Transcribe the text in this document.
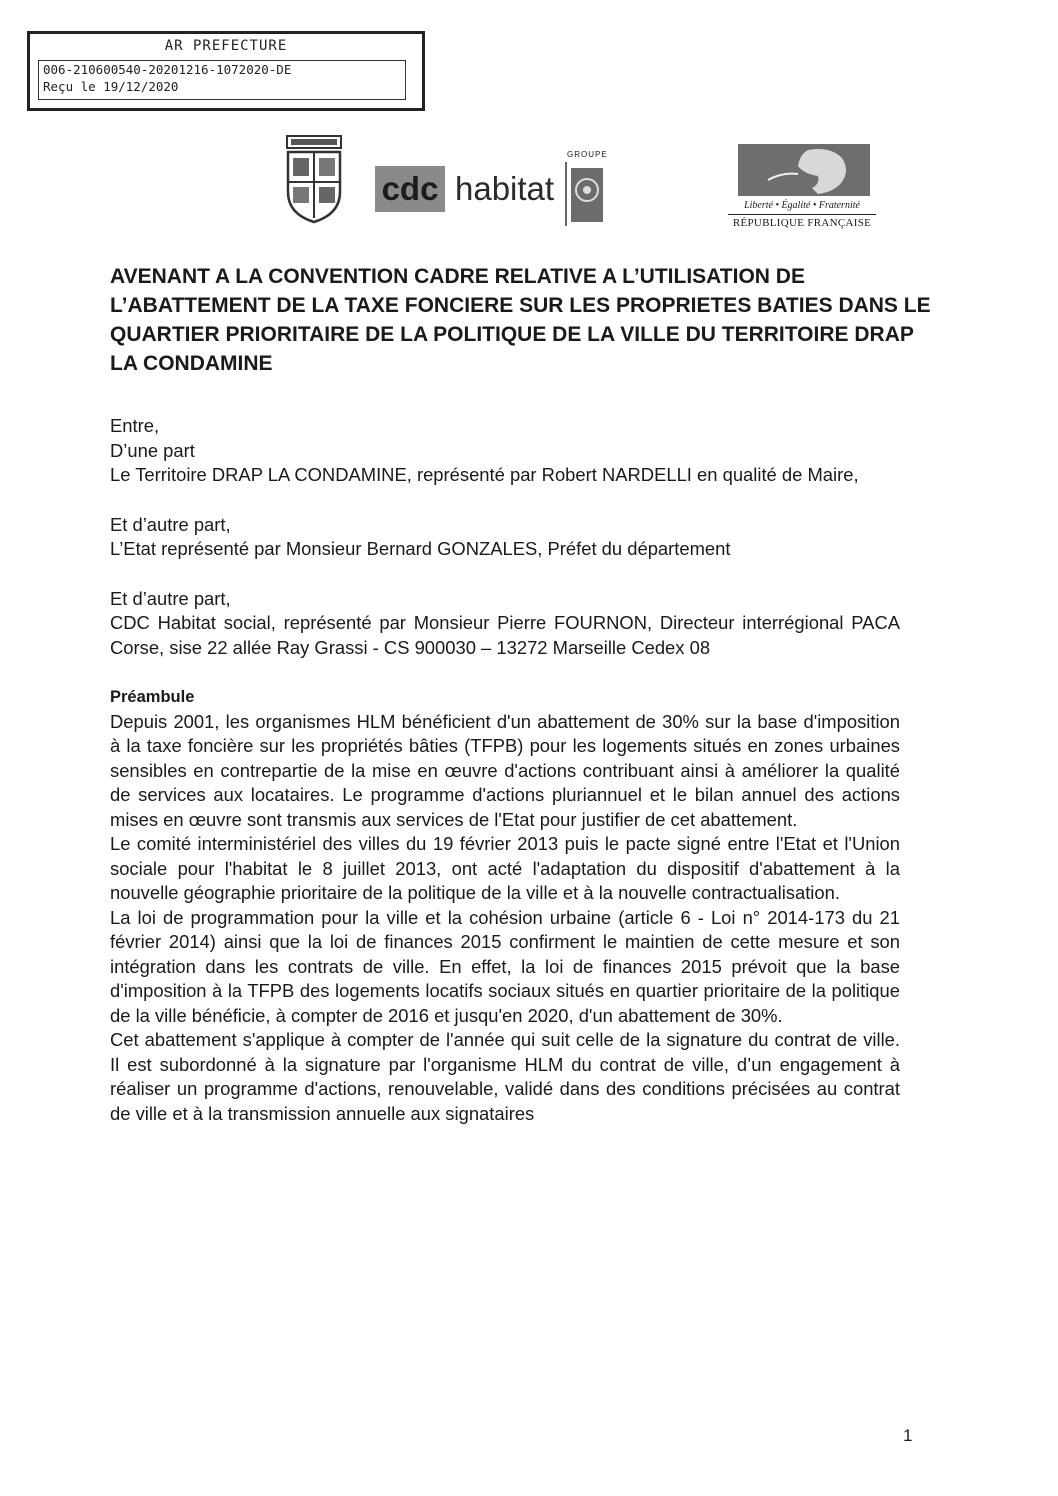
AR PREFECTURE
006-210600540-20201216-1072020-DE
Reçu le 19/12/2020
cdc habitat
GROUPE
Liberté • Égalité • Fraternité
RÉPUBLIQUE FRANÇAISE
AVENANT A LA CONVENTION CADRE RELATIVE A L’UTILISATION DE
L’ABATTEMENT DE LA TAXE FONCIERE SUR LES PROPRIETES BATIES DANS LE
QUARTIER PRIORITAIRE DE LA POLITIQUE DE LA VILLE DU TERRITOIRE DRAP
LA CONDAMINE

Entre,

D’une part

Le Territoire DRAP LA CONDAMINE, représenté par Robert NARDELLI en qualité de Maire,

Et d’autre part,

L’Etat représenté par Monsieur Bernard GONZALES, Préfet du département

Et d’autre part,

CDC Habitat social, représenté par Monsieur Pierre FOURNON, Directeur interrégional PACA Corse, sise 22 allée Ray Grassi - CS 900030 – 13272 Marseille Cedex 08

Préambule

Depuis 2001, les organismes HLM bénéficient d'un abattement de 30% sur la base d'imposition à la taxe foncière sur les propriétés bâties (TFPB) pour les logements situés en zones urbaines sensibles en contrepartie de la mise en œuvre d'actions contribuant ainsi à améliorer la qualité de services aux locataires. Le programme d'actions pluriannuel et le bilan annuel des actions mises en œuvre sont transmis aux services de l'Etat pour justifier de cet abattement.

Le comité interministériel des villes du 19 février 2013 puis le pacte signé entre l'Etat et l'Union sociale pour l'habitat le 8 juillet 2013, ont acté l'adaptation du dispositif d'abattement à la nouvelle géographie prioritaire de la politique de la ville et à la nouvelle contractualisation.

La loi de programmation pour la ville et la cohésion urbaine (article 6 - Loi n° 2014-173 du 21 février 2014) ainsi que la loi de finances 2015 confirment le maintien de cette mesure et son intégration dans les contrats de ville. En effet, la loi de finances 2015 prévoit que la base d'imposition à la TFPB des logements locatifs sociaux situés en quartier prioritaire de la politique de la ville bénéficie, à compter de 2016 et jusqu'en 2020, d'un abattement de 30%.

Cet abattement s'applique à compter de l'année qui suit celle de la signature du contrat de ville. Il est subordonné à la signature par l'organisme HLM du contrat de ville, d’un engagement à réaliser un programme d'actions, renouvelable, validé dans des conditions précisées au contrat de ville et à la transmission annuelle aux signataires

1
